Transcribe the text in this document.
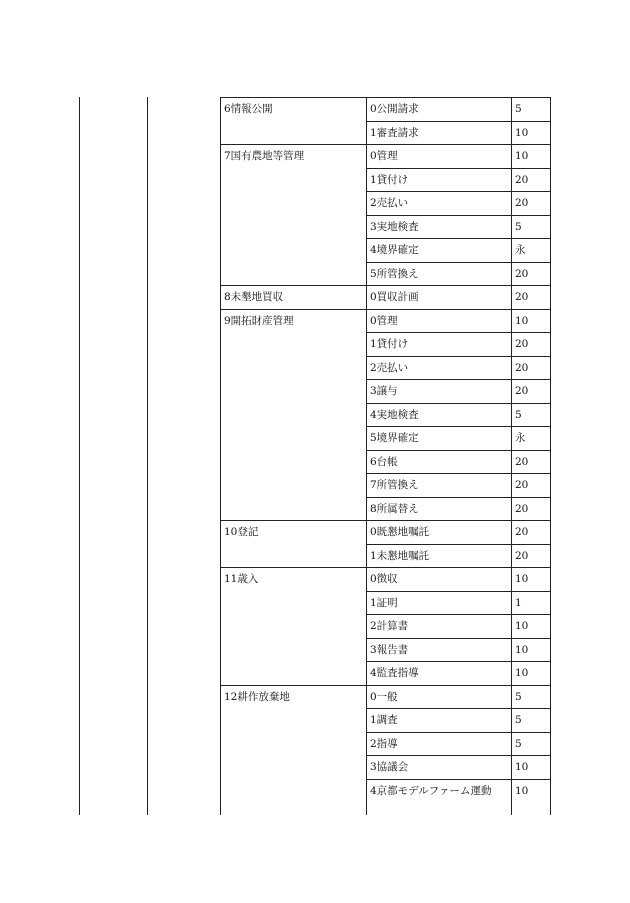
6情報公開	0公開請求	5
1審査請求	10
7国有農地等管理	0管理	10
1貸付け	20
2売払い	20
3実地検査	5
4境界確定	永
5所管換え	20
8未墾地買収	0買収計画	20
9開拓財産管理	0管理	10
1貸付け	20
2売払い	20
3譲与	20
4実地検査	5
5境界確定	永
6台帳	20
7所管換え	20
8所属替え	20
10登記	0既懇地嘱託	20
1未懇地嘱託	20
11歳入	0徴収	10
1証明	1
2計算書	10
3報告書	10
4監査指導	10
12耕作放棄地	0一般	5
1調査	5
2指導	5
3協議会	10
4京都モデルファーム運動 10
